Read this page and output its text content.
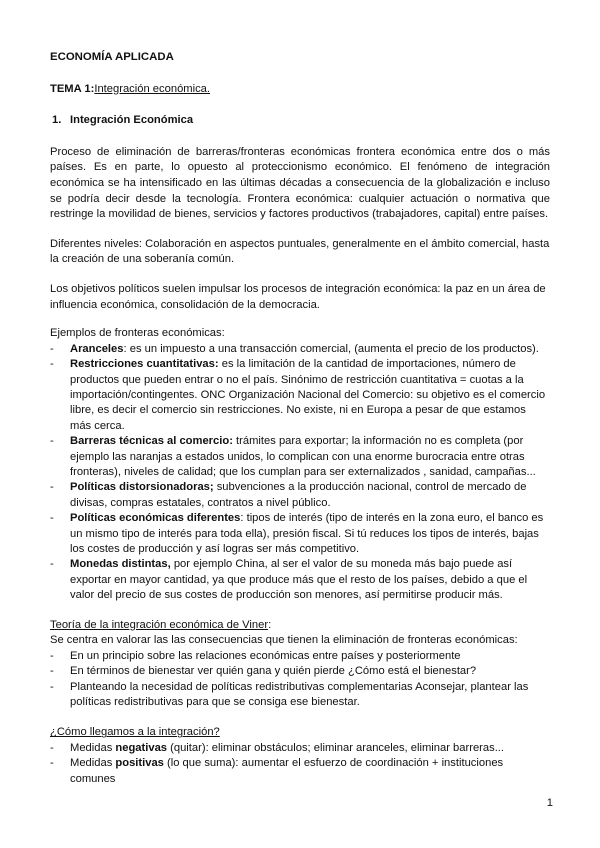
ECONOMÍA APLICADA

TEMA 1:Integración económica.

1. Integración Económica

Proceso de eliminación de barreras/fronteras económicas frontera económica entre dos o más países. Es en parte, lo opuesto al proteccionismo económico. El fenómeno de integración económica se ha intensificado en las últimas décadas a consecuencia de la globalización e incluso se podría decir desde la tecnología. Frontera económica: cualquier actuación o normativa que restringe la movilidad de bienes, servicios y factores productivos (trabajadores, capital) entre países.

Diferentes niveles: Colaboración en aspectos puntuales, generalmente en el ámbito comercial, hasta la creación de una soberanía común.

Los objetivos políticos suelen impulsar los procesos de integración económica: la paz en un área de influencia económica, consolidación de la democracia.

Ejemplos de fronteras económicas:

-	Aranceles: es un impuesto a una transacción comercial, (aumenta el precio de los productos).
-	Restricciones cuantitativas: es la limitación de la cantidad de importaciones, número de productos que pueden entrar o no el país. Sinónimo de restricción cuantitativa = cuotas a la importación/contingentes. ONC Organización Nacional del Comercio: su objetivo es el comercio libre, es decir el comercio sin restricciones. No existe, ni en Europa a pesar de que estamos más cerca.
-	Barreras técnicas al comercio: trámites para exportar; la información no es completa (por ejemplo las naranjas a estados unidos, lo complican con una enorme burocracia entre otras fronteras), niveles de calidad; que los cumplan para ser externalizados , sanidad, campañas...
-	Políticas distorsionadoras; subvenciones a la producción nacional, control de mercado de divisas, compras estatales, contratos a nivel público.
-	Políticas económicas diferentes: tipos de interés (tipo de interés en la zona euro, el banco es un mismo tipo de interés para toda ella), presión fiscal. Si tú reduces los tipos de interés, bajas los costes de producción y así logras ser más competitivo.
-	Monedas distintas, por ejemplo China, al ser el valor de su moneda más bajo puede así exportar en mayor cantidad, ya que produce más que el resto de los países, debido a que el valor del precio de sus costes de producción son menores, así permitirse producir más.

Teoría de la integración económica de Viner:

Se centra en valorar las las consecuencias que tienen la eliminación de fronteras económicas:

-	En un principio sobre las relaciones económicas entre países y posteriormente
-	En términos de bienestar ver quién gana y quién pierde ¿Cómo está el bienestar?
-	Planteando la necesidad de políticas redistributivas complementarias Aconsejar, plantear las políticas redistributivas para que se consiga ese bienestar.

¿Cómo llegamos a la integración?

-	Medidas negativas (quitar): eliminar obstáculos; eliminar aranceles, eliminar barreras...
-	Medidas positivas (lo que suma): aumentar el esfuerzo de coordinación + instituciones comunes
1
